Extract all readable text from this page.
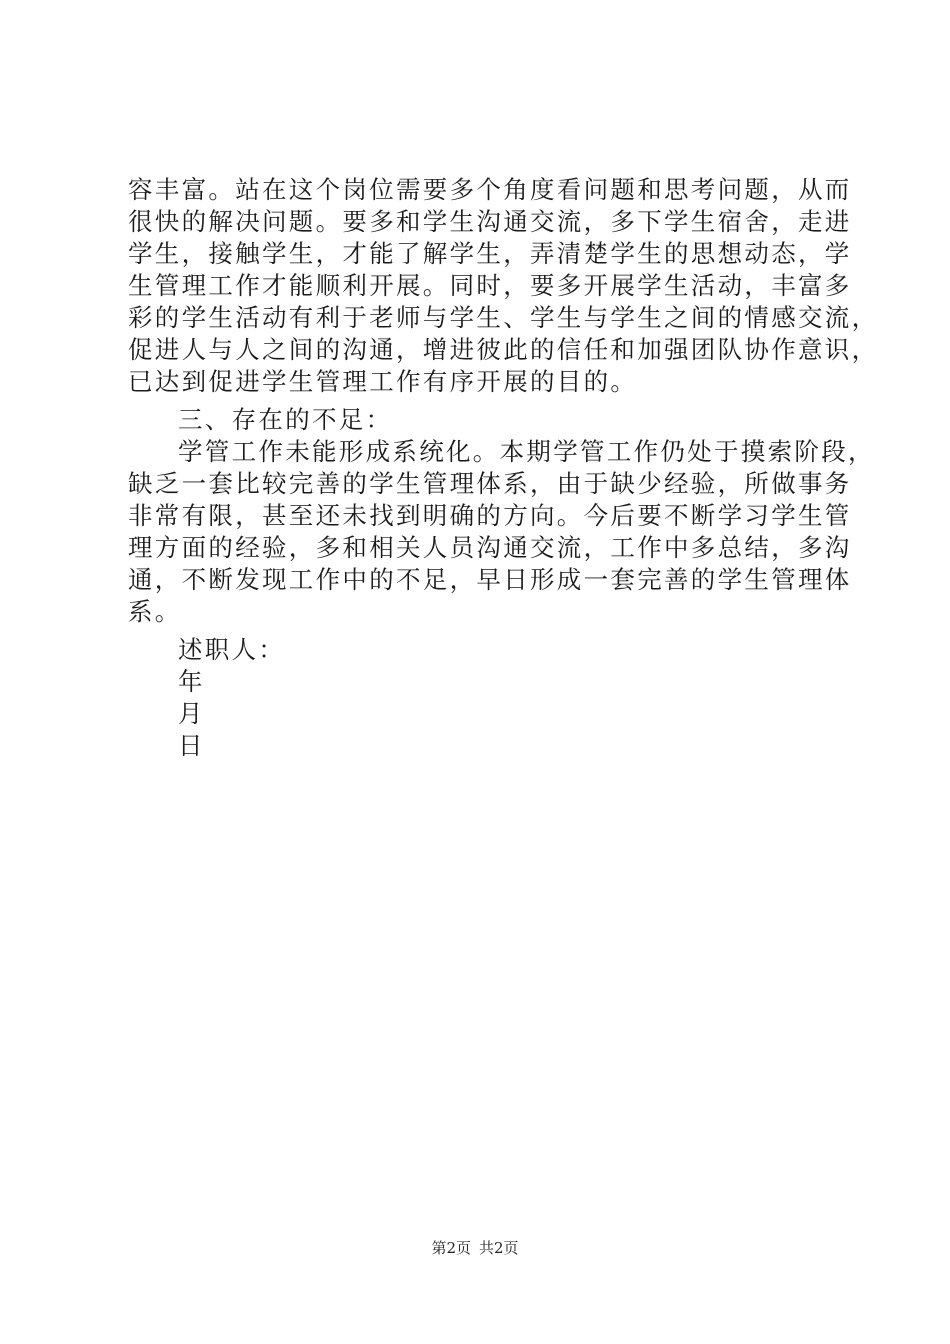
容丰富。站在这个岗位需要多个角度看问题和思考问题，从而
很快的解决问题。要多和学生沟通交流，多下学生宿舍，走进
学生，接触学生，才能了解学生，弄清楚学生的思想动态，学
生管理工作才能顺利开展。同时，要多开展学生活动，丰富多
彩的学生活动有利于老师与学生、学生与学生之间的情感交流，
促进人与人之间的沟通，增进彼此的信任和加强团队协作意识，
已达到促进学生管理工作有序开展的目的。
三、存在的不足：
学管工作未能形成系统化。本期学管工作仍处于摸索阶段，
缺乏一套比较完善的学生管理体系，由于缺少经验，所做事务
非常有限，甚至还未找到明确的方向。今后要不断学习学生管
理方面的经验，多和相关人员沟通交流，工作中多总结，多沟
通，不断发现工作中的不足，早日形成一套完善的学生管理体
系。
述职人：
年
月
日
第2页 共2页
